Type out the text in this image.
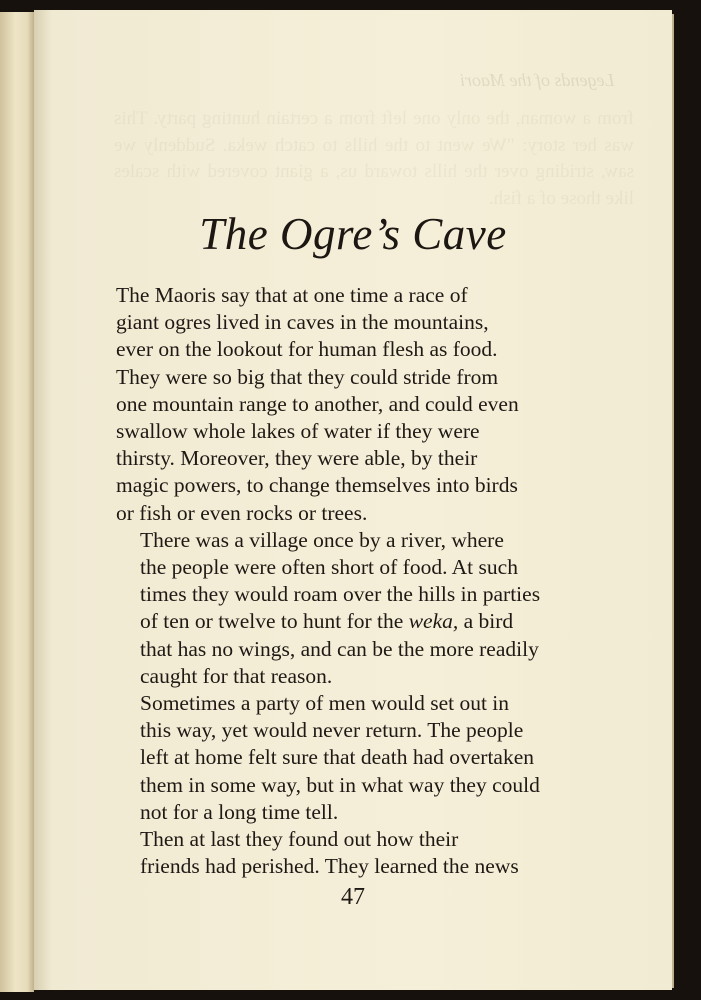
Legends of the Maori
from a woman, the only one left from a certain hunting party. This was her story: "We went to the hills to catch weka. Suddenly we saw, striding over the hills toward us, a giant covered with scales like those of a fish.
The Ogre’s Cave

The Maoris say that at one time a race of
giant ogres lived in caves in the mountains,
ever on the lookout for human flesh as food.
They were so big that they could stride from
one mountain range to another, and could even
swallow whole lakes of water if they were
thirsty. Moreover, they were able, by their
magic powers, to change themselves into birds
or fish or even rocks or trees.

There was a village once by a river, where
the people were often short of food. At such
times they would roam over the hills in parties
of ten or twelve to hunt for the weka, a bird
that has no wings, and can be the more readily
caught for that reason.

Sometimes a party of men would set out in
this way, yet would never return. The people
left at home felt sure that death had overtaken
them in some way, but in what way they could
not for a long time tell.

Then at last they found out how their
friends had perished. They learned the news

47
